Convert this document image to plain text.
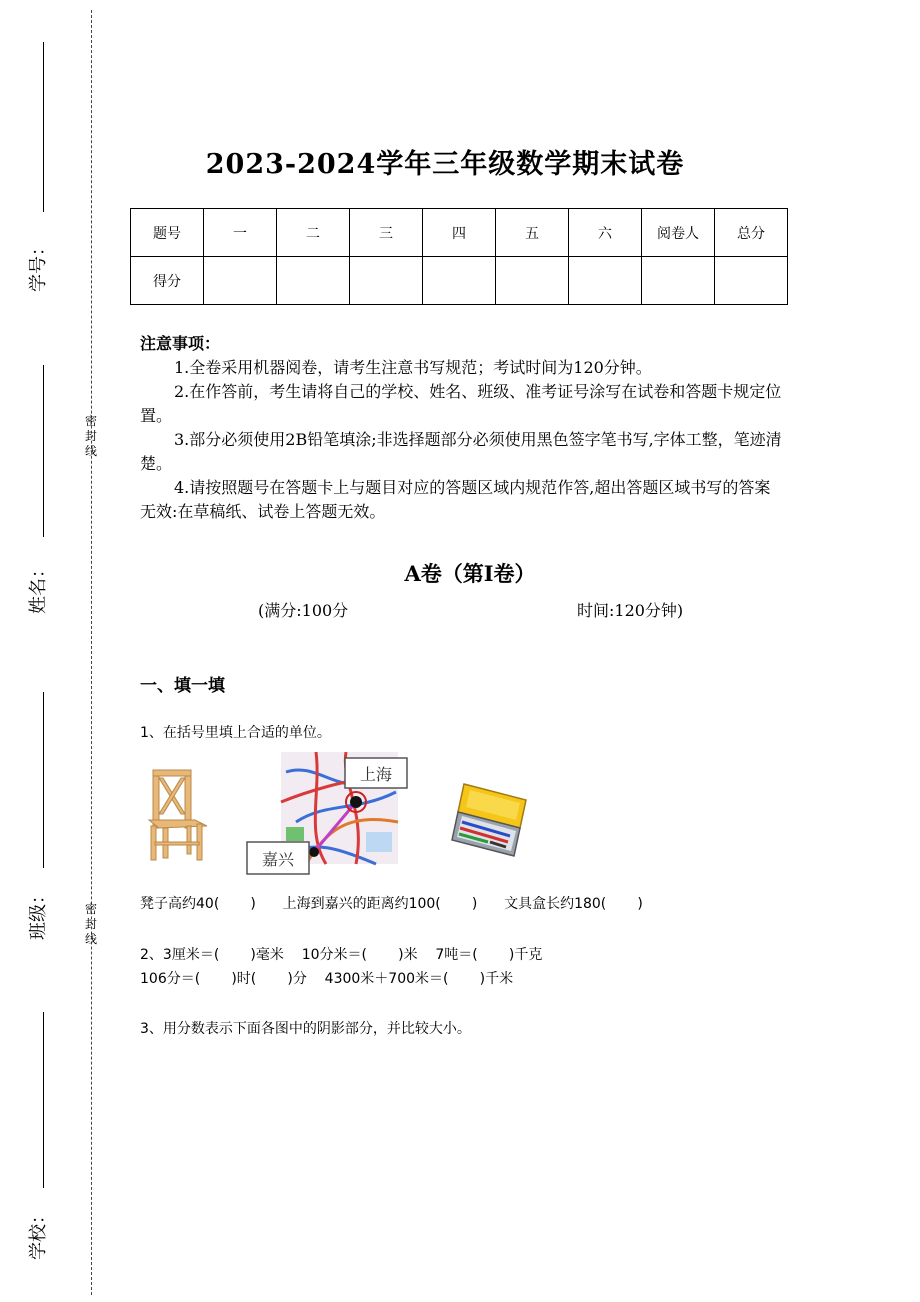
密封线
密封线
学号：
姓名：
班级：
学校：
2023-2024学年三年级数学期末试卷
题号	一	二	三	四	五	六	阅卷人	总分
得分								

注意事项：

1.全卷采用机器阅卷，请考生注意书写规范；考试时间为120分钟。

2.在作答前，考生请将自己的学校、姓名、班级、准考证号涂写在试卷和答题卡规定位置。

3.部分必须使用2B铅笔填涂;非选择题部分必须使用黑色签字笔书写,字体工整，笔迹清楚。

4.请按照题号在答题卡上与题目对应的答题区域内规范作答,超出答题区域书写的答案无效:在草稿纸、试卷上答题无效。

A卷（第Ⅰ卷）
(满分:100分	时间:120分钟)
一、填一填
1、在括号里填上合适的单位。
上海
嘉兴
凳子高约40(       )      上海到嘉兴的距离约100(       )      文具盒长约180(       )
2、3厘米＝(       )毫米    10分米＝(       )米    7吨＝(       )千克
106分＝(       )时(       )分    4300米＋700米＝(       )千米
3、用分数表示下面各图中的阴影部分，并比较大小。
